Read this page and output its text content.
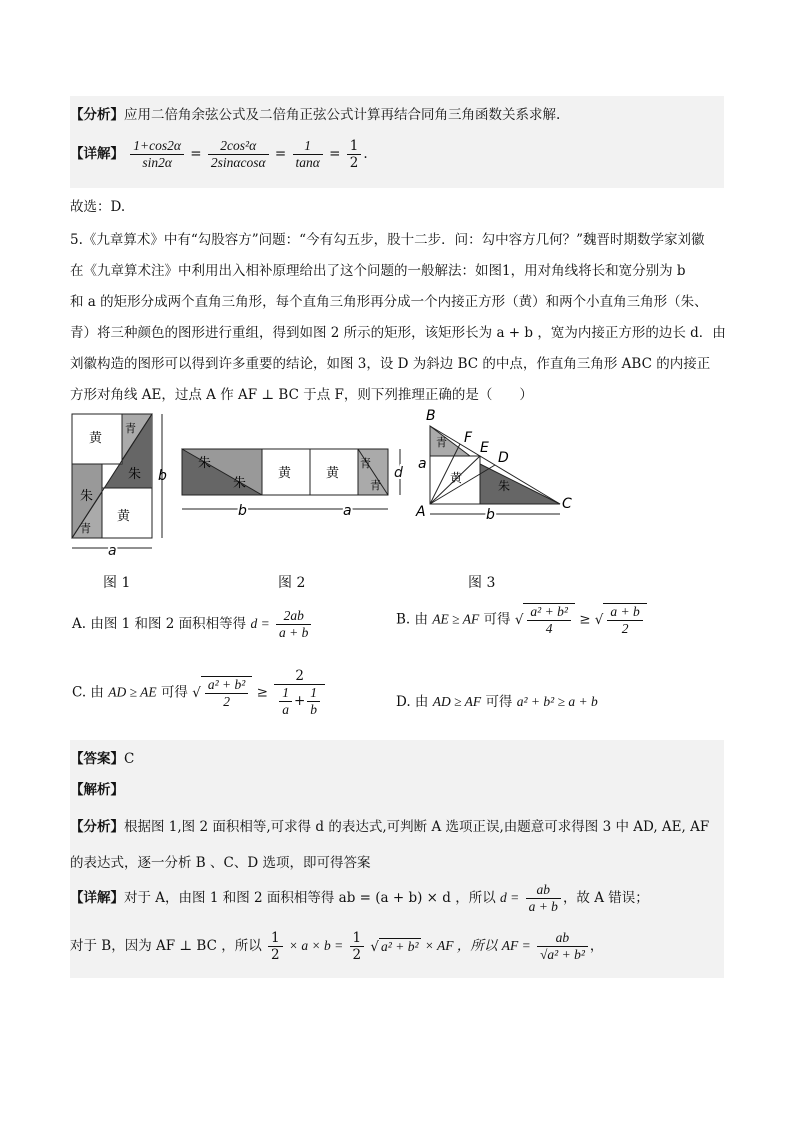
【分析】应用二倍角余弦公式及二倍角正弦公式计算再结合同角三角函数关系求解.
【详解】 $\frac{1+\cos 2\alpha}{\sin 2\alpha} = \frac{\text{2cos²α}}{2\sin\alpha\cos\alpha} = \frac{1}{\tan\alpha} = \frac{1}{2}$ .
故选：D.
5.《九章算术》中有“勾股容方”问题：“今有勾五步，股十二步．问：勾中容方几何？”魏晋时期数学家刘徽
在《九章算术注》中利用出入相补原理给出了这个问题的一般解法：如图1，用对角线将长和宽分别为 b
和 a 的矩形分成两个直角三角形，每个直角三角形再分成一个内接正方形（黄）和两个小直角三角形（朱、
青）将三种颜色的图形进行重组，得到如图 2 所示的矩形，该矩形长为 a + b ，宽为内接正方形的边长 d．由
刘徽构造的图形可以得到许多重要的结论，如图 3，设 D 为斜边 BC 的中点，作直角三角形 ABC 的内接正
方形对角线 AE，过点 A 作 AF ⊥ BC 于点 F，则下列推理正确的是（　　）
黄
青
朱
朱
黄
青
b
a
朱
朱
黄	黄
青
青
d
b	a
B
F
E
D
C
A
a
青
黄
朱
b
图 1	图 2	图 3
A. 由图 1 和图 2 面积相等得 $d = \frac{2ab}{a + b}$	B. 由 AE ≥ AF 可得 √ $\frac{\text{a² + b²}}{4}$ ≥ √ $\frac{a + b}{2}$
C. 由 AD ≥ AE 可得 √ $\frac{\text{a² + b²}}{2} \ge \frac{2}{\frac{1}{a} + \frac{1}{b}}$	D. 由 AD ≥ AF 可得 a² + b² ≥ a + b
【答案】C
【解析】
【分析】根据图 1,图 2 面积相等,可求得 d 的表达式,可判断 A 选项正误,由题意可求得图 3 中 AD, AE, AF
的表达式，逐一分析 B 、C、D 选项，即可得答案
【详解】对于 A，由图 1 和图 2 面积相等得 ab = (a + b) × d ，所以 $d = \frac{ab}{a + b}$ ，故 A 错误；
对于 B，因为 AF ⊥ BC ，所以 $\frac{1}{2} \times a \times b = \frac{1}{2}$ √ a² + b² × AF ，所以 AF = $\frac{ab}{\text{√a² + b²}}$ ，
